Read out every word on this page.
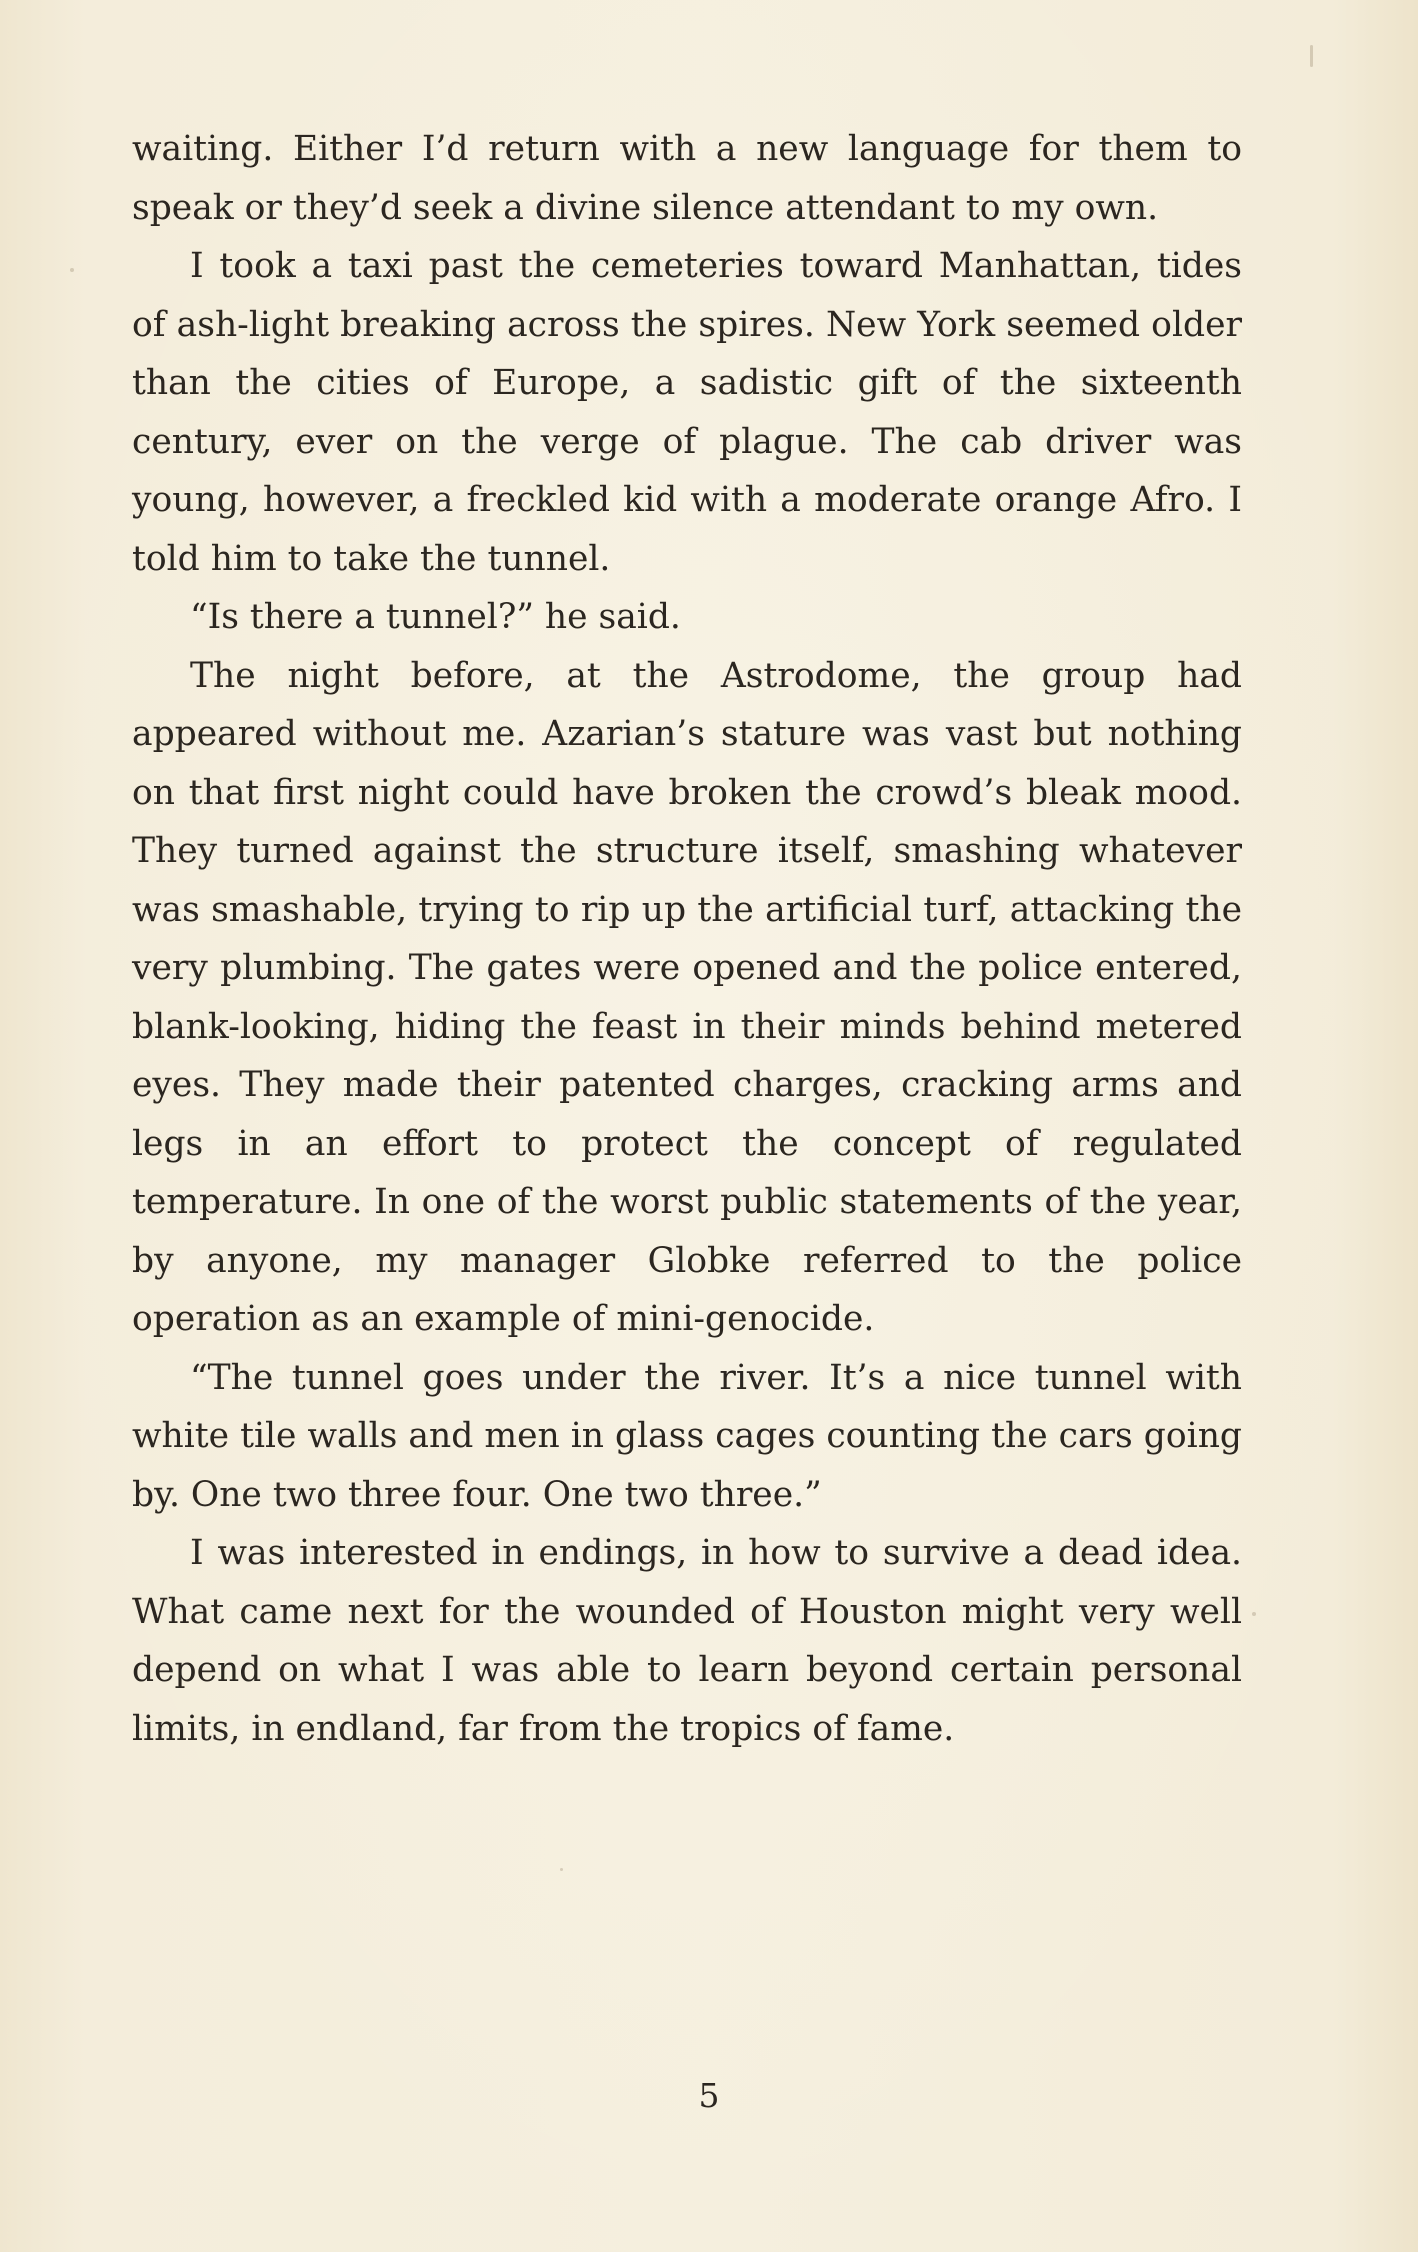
waiting. Either I’d return with a new language for them to speak or they’d seek a divine silence attendant to my own.

I took a taxi past the cemeteries toward Manhattan, tides of ash-light breaking across the spires. New York seemed older than the cities of Europe, a sadistic gift of the sixteenth century, ever on the verge of plague. The cab driver was young, however, a freckled kid with a moderate orange Afro. I told him to take the tunnel.

“Is there a tunnel?” he said.

The night before, at the Astrodome, the group had appeared without me. Azarian’s stature was vast but nothing on that first night could have broken the crowd’s bleak mood. They turned against the structure itself, smashing whatever was smashable, trying to rip up the artificial turf, attacking the very plumbing. The gates were opened and the police entered, blank-looking, hiding the feast in their minds behind metered eyes. They made their patented charges, cracking arms and legs in an effort to protect the concept of regulated temperature. In one of the worst public statements of the year, by anyone, my manager Globke referred to the police operation as an example of mini-genocide.

“The tunnel goes under the river. It’s a nice tunnel with white tile walls and men in glass cages counting the cars going by. One two three four. One two three.”

I was interested in endings, in how to survive a dead idea. What came next for the wounded of Houston might very well depend on what I was able to learn beyond certain personal limits, in endland, far from the tropics of fame.

5
